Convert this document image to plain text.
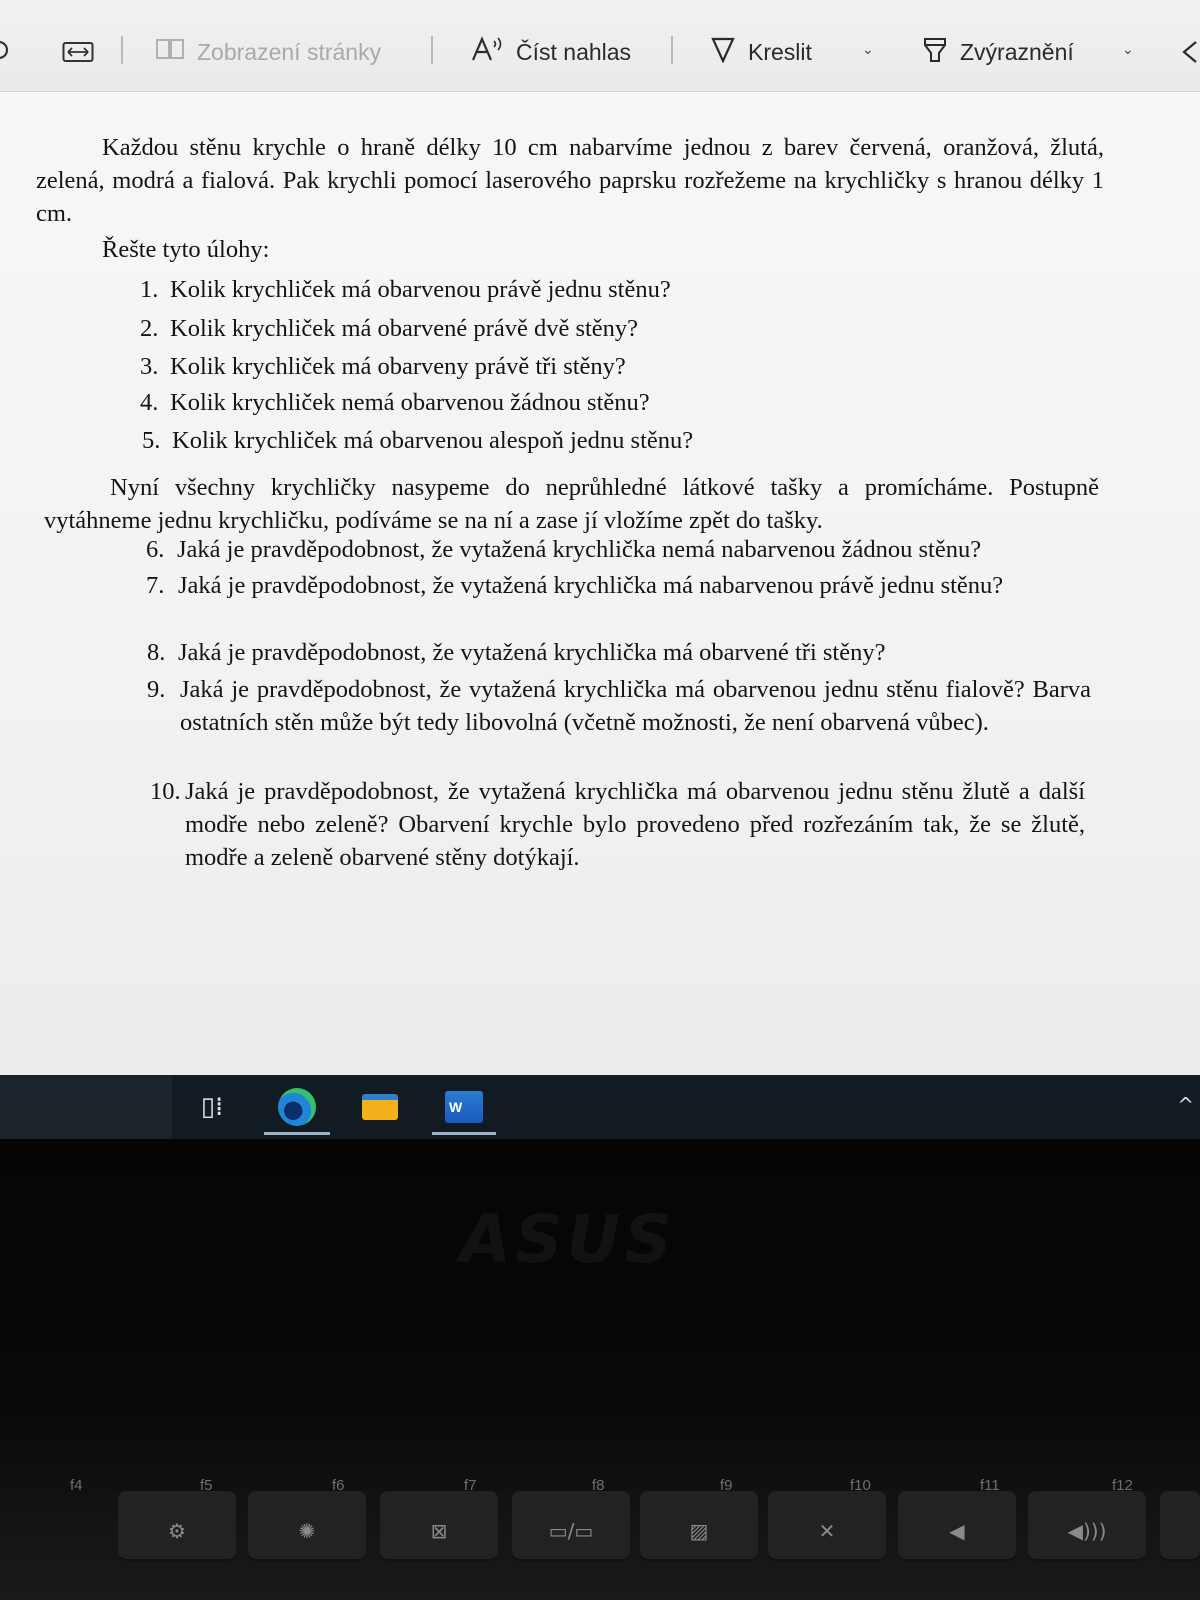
Zobrazení stránky	Číst nahlas	Kreslit	⌄	Zvýraznění	⌄

Každou stěnu krychle o hraně délky 10 cm nabarvíme jednou z barev červená, oranžová, žlutá, zelená, modrá a fialová. Pak krychli pomocí laserového paprsku rozřežeme na krychličky s hranou délky 1 cm.

Řešte tyto úlohy:
1. Kolik krychliček má obarvenou právě jednu stěnu?
2. Kolik krychliček má obarvené právě dvě stěny?
3. Kolik krychliček má obarveny právě tři stěny?
4. Kolik krychliček nemá obarvenou žádnou stěnu?
5. Kolik krychliček má obarvenou alespoň jednu stěnu?

Nyní všechny krychličky nasypeme do neprůhledné látkové tašky a promícháme. Postupně vytáhneme jednu krychličku, podíváme se na ní a zase jí vložíme zpět do tašky.

6. Jaká je pravděpodobnost, že vytažená krychlička nemá nabarvenou žádnou stěnu?
7. Jaká je pravděpodobnost, že vytažená krychlička má nabarvenou právě jednu stěnu?
8. Jaká je pravděpodobnost, že vytažená krychlička má obarvené tři stěny?
9. Jaká je pravděpodobnost, že vytažená krychlička má obarvenou jednu stěnu fialově? Barva ostatních stěn může být tedy libovolná (včetně možnosti, že není obarvená vůbec).
10. Jaká je pravděpodobnost, že vytažená krychlička má obarvenou jednu stěnu žlutě a další modře nebo zeleně? Obarvení krychle bylo provedeno před rozřezáním tak, že se žlutě, modře a zeleně obarvené stěny dotýkají.
▯⁞	W	^
ASUS
f4
⚙
f5
✺
f6
⊠
f7
▭/▭
f8
▨
f9
✕
f10
◀
f11
◀)))
f12
